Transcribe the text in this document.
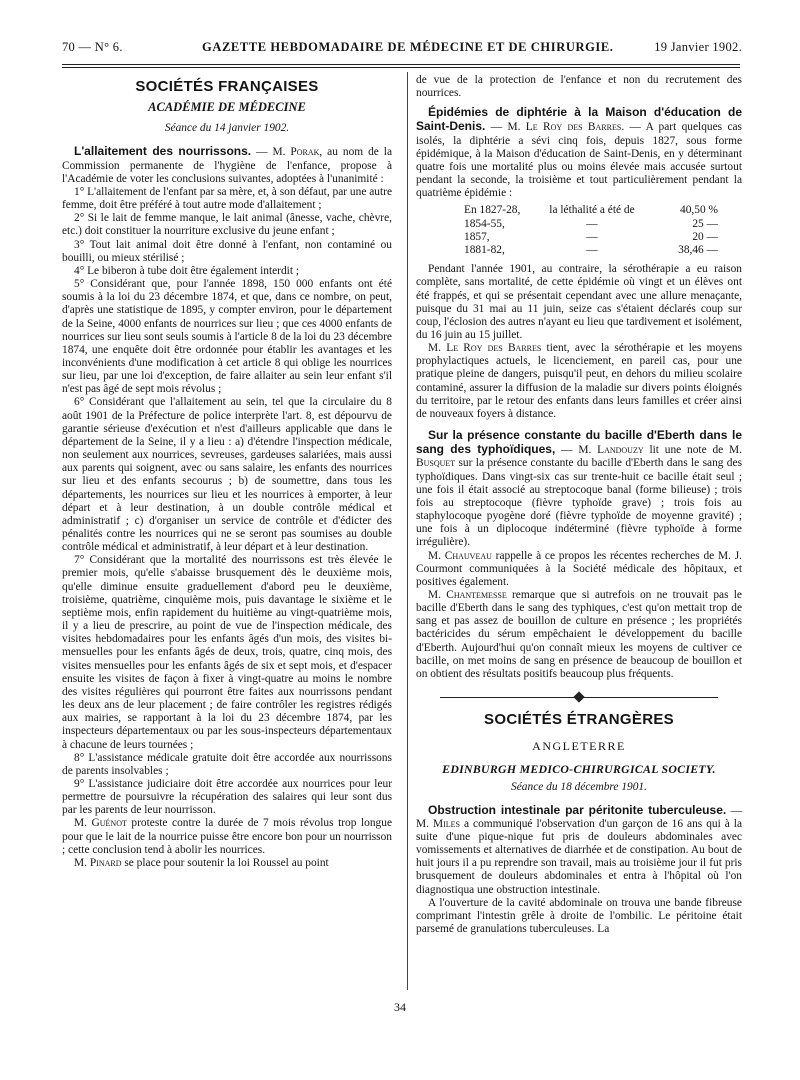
70 — N° 6.	GAZETTE HEBDOMADAIRE DE MÉDECINE ET DE CHIRURGIE.	19 Janvier 1902.
SOCIÉTÉS FRANÇAISES
ACADÉMIE DE MÉDECINE
Séance du 14 janvier 1902.

L'allaitement des nourrissons. — M. Porak, au nom de la Commission permanente de l'hygiène de l'enfance, propose à l'Académie de voter les conclusions suivantes, adoptées à l'unanimité :

1° L'allaitement de l'enfant par sa mère, et, à son défaut, par une autre femme, doit être préféré à tout autre mode d'allaitement ;

2° Si le lait de femme manque, le lait animal (ânesse, vache, chèvre, etc.) doit constituer la nourriture exclusive du jeune enfant ;

3° Tout lait animal doit être donné à l'enfant, non contaminé ou bouilli, ou mieux stérilisé ;

4° Le biberon à tube doit être également interdit ;

5° Considérant que, pour l'année 1898, 150 000 enfants ont été soumis à la loi du 23 décembre 1874, et que, dans ce nombre, on peut, d'après une statistique de 1895, y compter environ, pour le département de la Seine, 4000 enfants de nourrices sur lieu ; que ces 4000 enfants de nourrices sur lieu sont seuls soumis à l'article 8 de la loi du 23 décembre 1874, une enquête doit être ordonnée pour établir les avantages et les inconvénients d'une modification à cet article 8 qui oblige les nourrices sur lieu, par une loi d'exception, de faire allaiter au sein leur enfant s'il n'est pas âgé de sept mois révolus ;

6° Considérant que l'allaitement au sein, tel que la circulaire du 8 août 1901 de la Préfecture de police interprète l'art. 8, est dépourvu de garantie sérieuse d'exécution et n'est d'ailleurs applicable que dans le département de la Seine, il y a lieu : a) d'étendre l'inspection médicale, non seulement aux nourrices, sevreuses, gardeuses salariées, mais aussi aux parents qui soignent, avec ou sans salaire, les enfants des nourrices sur lieu et des enfants secourus ; b) de soumettre, dans tous les départements, les nourrices sur lieu et les nourrices à emporter, à leur départ et à leur destination, à un double contrôle médical et administratif ; c) d'organiser un service de contrôle et d'édicter des pénalités contre les nourrices qui ne se seront pas soumises au double contrôle médical et administratif, à leur départ et à leur destination.

7° Considérant que la mortalité des nourrissons est très élevée le premier mois, qu'elle s'abaisse brusquement dès le deuxième mois, qu'elle diminue ensuite graduellement d'abord peu le deuxième, troisième, quatrième, cinquième mois, puis davantage le sixième et le septième mois, enfin rapidement du huitième au vingt-quatrième mois, il y a lieu de prescrire, au point de vue de l'inspection médicale, des visites hebdomadaires pour les enfants âgés d'un mois, des visites bi-mensuelles pour les enfants âgés de deux, trois, quatre, cinq mois, des visites mensuelles pour les enfants âgés de six et sept mois, et d'espacer ensuite les visites de façon à fixer à vingt-quatre au moins le nombre des visites régulières qui pourront être faites aux nourrissons pendant les deux ans de leur placement ; de faire contrôler les registres rédigés aux mairies, se rapportant à la loi du 23 décembre 1874, par les inspecteurs départementaux ou par les sous-inspecteurs départementaux à chacune de leurs tournées ;

8° L'assistance médicale gratuite doit être accordée aux nourrissons de parents insolvables ;

9° L'assistance judiciaire doit être accordée aux nourrices pour leur permettre de poursuivre la récupération des salaires qui leur sont dus par les parents de leur nourrisson.

M. Guénot proteste contre la durée de 7 mois révolus trop longue pour que le lait de la nourrice puisse être encore bon pour un nourrisson ; cette conclusion tend à abolir les nourrices.

M. Pinard se place pour soutenir la loi Roussel au point

de vue de la protection de l'enfance et non du recrutement des nourrices.

Épidémies de diphtérie à la Maison d'éducation de Saint-Denis. — M. Le Roy des Barres. — A part quelques cas isolés, la diphtérie a sévi cinq fois, depuis 1827, sous forme épidémique, à la Maison d'éducation de Saint-Denis, en y déterminant quatre fois une mortalité plus ou moins élevée mais accusée surtout pendant la seconde, la troisième et tout particulièrement pendant la quatrième épidémie :

En 1827-28,	la léthalité a été de	40,50 %
1854-55,	—	25 —
1857,	—	20 —
1881-82,	—	38,46 —

Pendant l'année 1901, au contraire, la sérothérapie a eu raison complète, sans mortalité, de cette épidémie où vingt et un élèves ont été frappés, et qui se présentait cependant avec une allure menaçante, puisque du 31 mai au 11 juin, seize cas s'étaient déclarés coup sur coup, l'éclosion des autres n'ayant eu lieu que tardivement et isolément, du 16 juin au 15 juillet.

M. Le Roy des Barres tient, avec la sérothérapie et les moyens prophylactiques actuels, le licenciement, en pareil cas, pour une pratique pleine de dangers, puisqu'il peut, en dehors du milieu scolaire contaminé, assurer la diffusion de la maladie sur divers points éloignés du territoire, par le retour des enfants dans leurs familles et créer ainsi de nouveaux foyers à distance.

Sur la présence constante du bacille d'Eberth dans le sang des typhoïdiques, — M. Landouzy lit une note de M. Busquet sur la présence constante du bacille d'Eberth dans le sang des typhoïdiques. Dans vingt-six cas sur trente-huit ce bacille était seul ; une fois il était associé au streptocoque banal (forme bilieuse) ; trois fois au streptocoque (fièvre typhoïde grave) ; trois fois au staphylocoque pyogène doré (fièvre typhoïde de moyenne gravité) ; une fois à un diplocoque indéterminé (fièvre typhoïde à forme irrégulière).

M. Chauveau rappelle à ce propos les récentes recherches de M. J. Courmont communiquées à la Société médicale des hôpitaux, et positives également.

M. Chantemesse remarque que si autrefois on ne trouvait pas le bacille d'Eberth dans le sang des typhiques, c'est qu'on mettait trop de sang et pas assez de bouillon de culture en présence ; les propriétés bactéricides du sérum empêchaient le développement du bacille d'Eberth. Aujourd'hui qu'on connaît mieux les moyens de cultiver ce bacille, on met moins de sang en présence de beaucoup de bouillon et on obtient des résultats positifs beaucoup plus fréquents.

SOCIÉTÉS ÉTRANGÈRES
ANGLETERRE
EDINBURGH MEDICO-CHIRURGICAL SOCIETY.
Séance du 18 décembre 1901.

Obstruction intestinale par péritonite tuberculeuse. — M. Miles a communiqué l'observation d'un garçon de 16 ans qui à la suite d'une pique-nique fut pris de douleurs abdominales avec vomissements et alternatives de diarrhée et de constipation. Au bout de huit jours il a pu reprendre son travail, mais au troisième jour il fut pris brusquement de douleurs abdominales et entra à l'hôpital où l'on diagnostiqua une obstruction intestinale.

A l'ouverture de la cavité abdominale on trouva une bande fibreuse comprimant l'intestin grêle à droite de l'ombilic. Le péritoine était parsemé de granulations tuberculeuses. La

34
